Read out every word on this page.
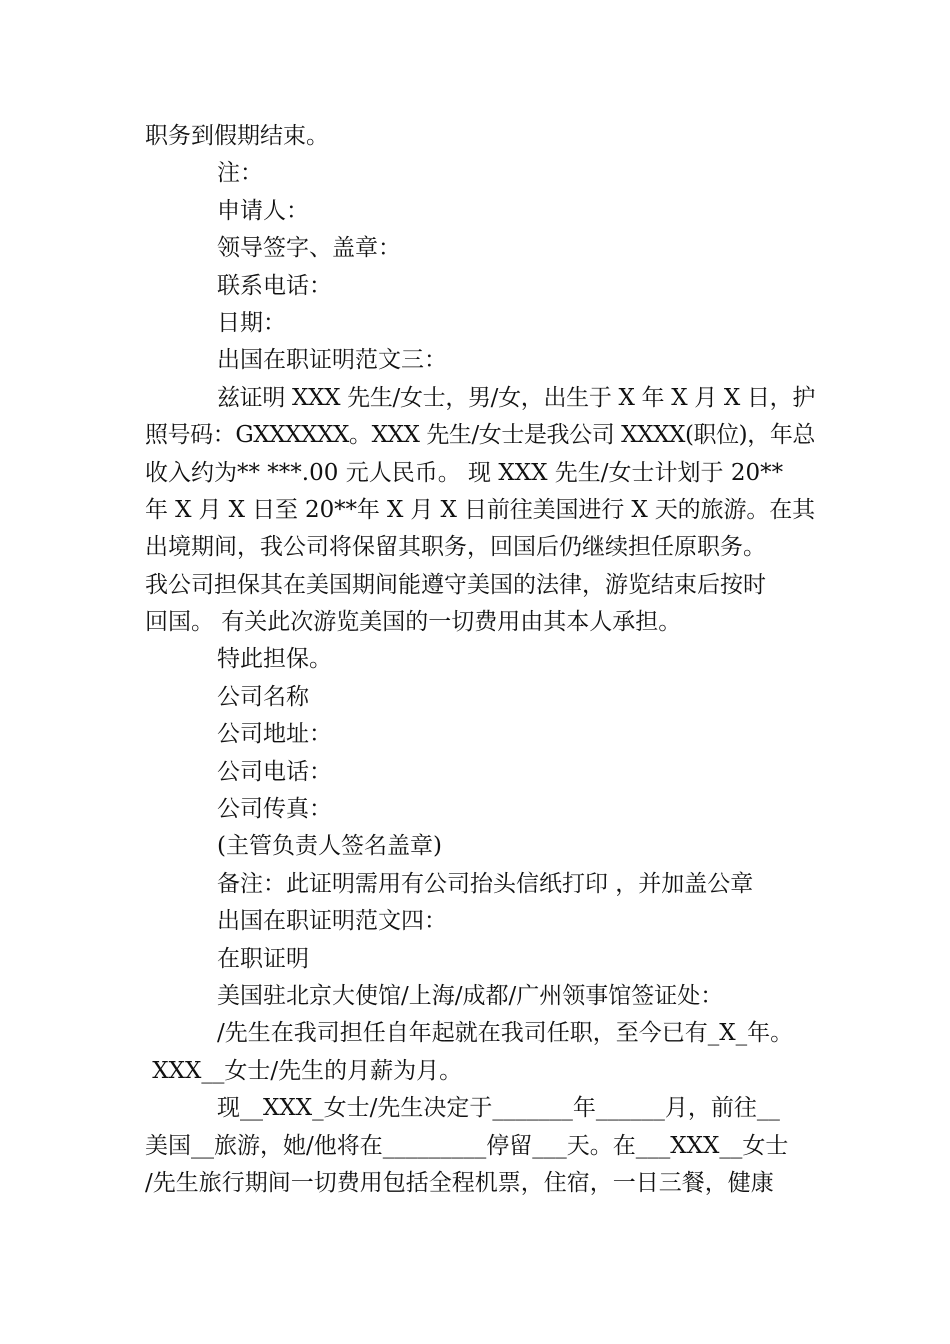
职务到假期结束。
注：
申请人：
领导签字、盖章：
联系电话：
日期：
出国在职证明范文三：
兹证明 XXX 先生/女士，男/女，出生于 X 年 X 月 X 日，护
照号码：GXXXXXX。XXX 先生/女士是我公司 XXXX(职位)，年总
收入约为** ***.00 元人民币。 现 XXX 先生/女士计划于 20**
年 X 月 X 日至 20**年 X 月 X 日前往美国进行 X 天的旅游。在其
出境期间，我公司将保留其职务，回国后仍继续担任原职务。
我公司担保其在美国期间能遵守美国的法律，游览结束后按时
回国。 有关此次游览美国的一切费用由其本人承担。
特此担保。
公司名称
公司地址：
公司电话：
公司传真：
(主管负责人签名盖章)
备注：此证明需用有公司抬头信纸打印 ，并加盖公章
出国在职证明范文四：
在职证明
美国驻北京大使馆/上海/成都/广州领事馆签证处：
/先生在我司担任自年起就在我司任职，至今已有_X_年。
XXX__女士/先生的月薪为月。
现__XXX_女士/先生决定于_______年______月，前往__
美国__旅游，她/他将在_________停留___天。在___XXX__女士
/先生旅行期间一切费用包括全程机票，住宿，一日三餐，健康
